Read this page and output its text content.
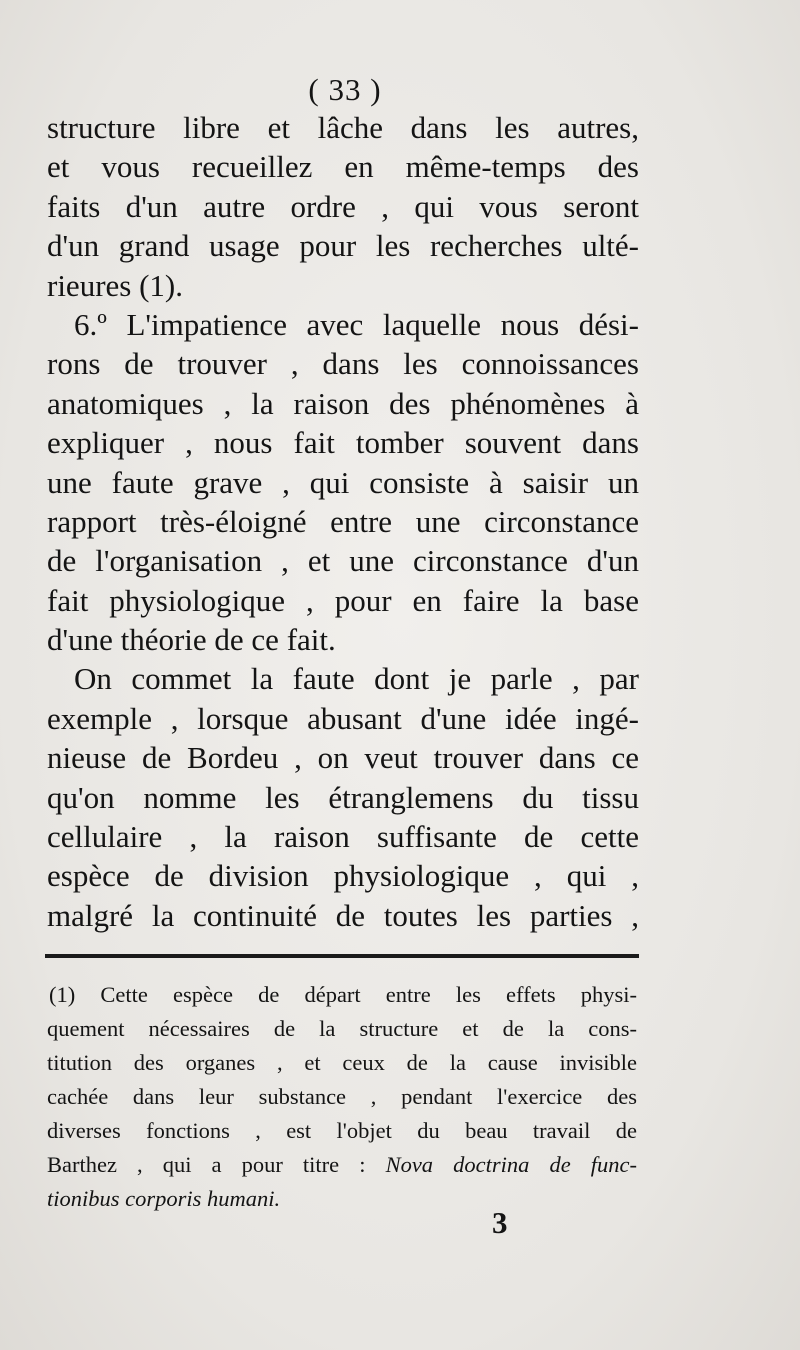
( 33 )
structure libre et lâche dans les autres,
et vous recueillez en même-temps des
faits d'un autre ordre , qui vous seront
d'un grand usage pour les recherches ulté-
rieures (1).
6.º L'impatience avec laquelle nous dési-
rons de trouver , dans les connoissances
anatomiques , la raison des phénomènes à
expliquer , nous fait tomber souvent dans
une faute grave , qui consiste à saisir un
rapport très-éloigné entre une circonstance
de l'organisation , et une circonstance d'un
fait physiologique , pour en faire la base
d'une théorie de ce fait.
On commet la faute dont je parle , par
exemple , lorsque abusant d'une idée ingé-
nieuse de Bordeu , on veut trouver dans ce
qu'on nomme les étranglemens du tissu
cellulaire , la raison suffisante de cette
espèce de division physiologique , qui ,
malgré la continuité de toutes les parties ,
(1) Cette espèce de départ entre les effets physi-
quement nécessaires de la structure et de la cons-
titution des organes , et ceux de la cause invisible
cachée dans leur substance , pendant l'exercice des
diverses fonctions , est l'objet du beau travail de
Barthez , qui a pour titre : Nova doctrina de func-
tionibus corporis humani.
3
